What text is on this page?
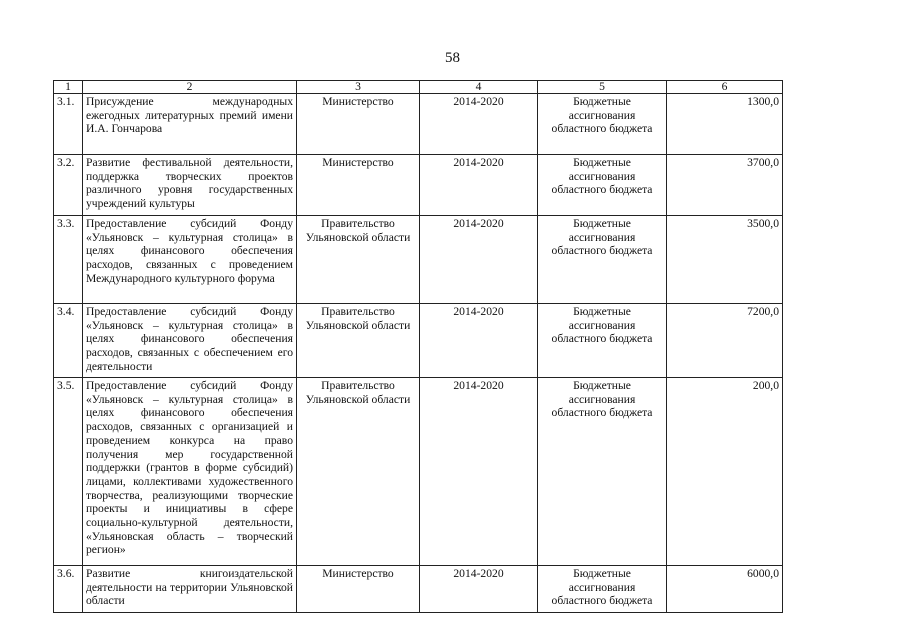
58
1	2	3	4	5	6
3.1.	Присуждение международных ежегодных литературных премий имени И.А. Гончарова	Министерство	2014-2020	Бюджетные ассигнования областного бюджета	1300,0
3.2.	Развитие фестивальной деятельности, поддержка творческих проектов различного уровня государственных учреждений культуры	Министерство	2014-2020	Бюджетные ассигнования областного бюджета	3700,0
3.3.	Предоставление субсидий Фонду «Ульяновск – культурная столица» в целях финансового обеспечения расходов, связанных с проведением Международного культурного форума	Правительство Ульяновской области	2014-2020	Бюджетные ассигнования областного бюджета	3500,0
3.4.	Предоставление субсидий Фонду «Ульяновск – культурная столица» в целях финансового обеспечения расходов, связанных с обеспечением его деятельности	Правительство Ульяновской области	2014-2020	Бюджетные ассигнования областного бюджета	7200,0
3.5.	Предоставление субсидий Фонду «Ульяновск – культурная столица» в целях финансового обеспечения расходов, связанных с организацией и проведением конкурса на право получения мер государственной поддержки (грантов в форме субсидий) лицами, коллективами художественного творчества, реализующими творческие проекты и инициативы в сфере социально-культурной деятельности, «Ульяновская область – творческий регион»	Правительство Ульяновской области	2014-2020	Бюджетные ассигнования областного бюджета	200,0
3.6.	Развитие книгоиздательской деятельности на территории Ульяновской области	Министерство	2014-2020	Бюджетные ассигнования областного бюджета	6000,0
